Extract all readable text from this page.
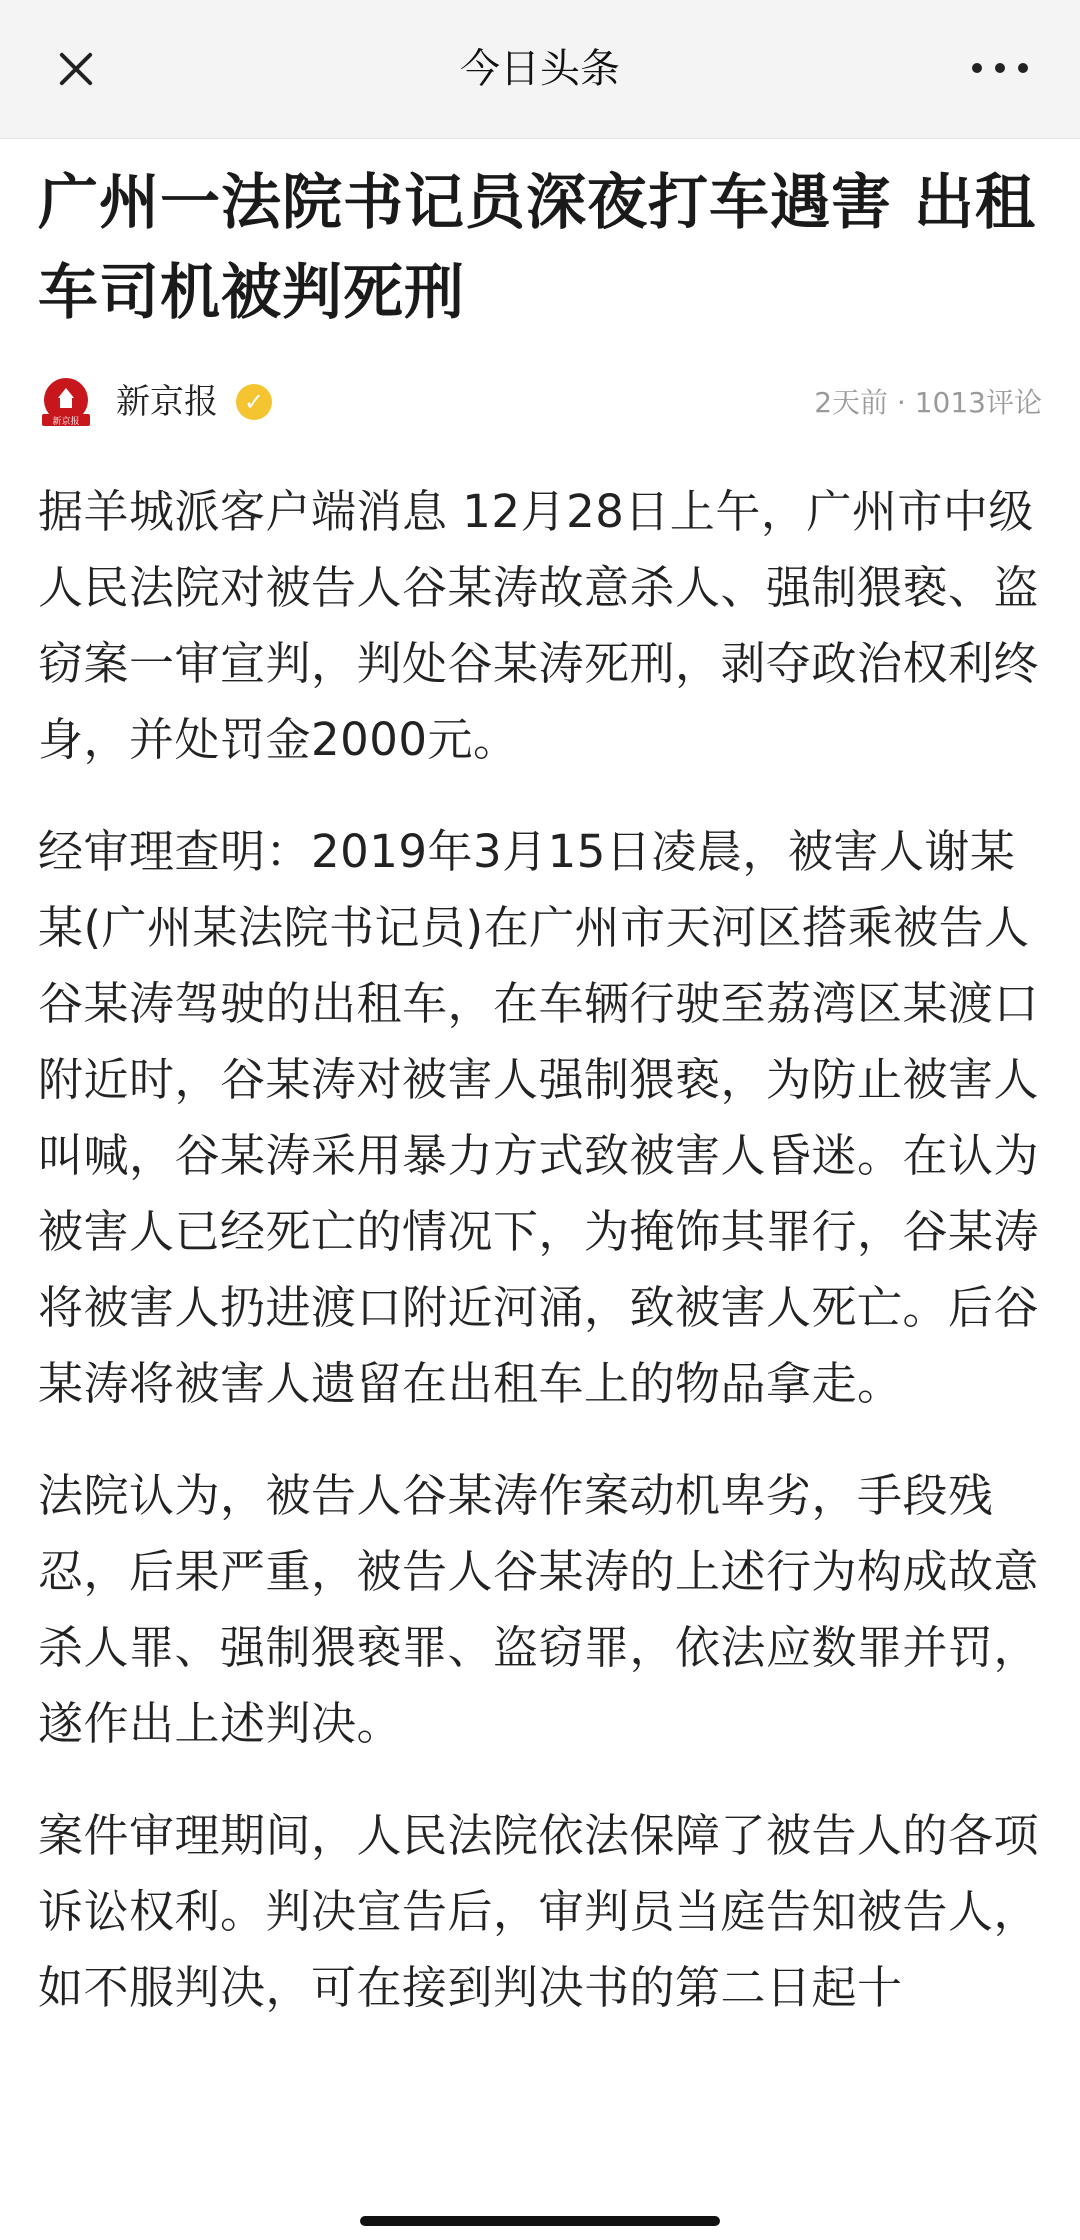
今日头条
广州一法院书记员深夜打车遇害 出租车司机被判死刑
新京报 新京报	✓	2天前 · 1013评论

据羊城派客户端消息 12月28日上午，广州市中级人民法院对被告人谷某涛故意杀人、强制猥亵、盗窃案一审宣判，判处谷某涛死刑，剥夺政治权利终身，并处罚金2000元。

经审理查明：2019年3月15日凌晨，被害人谢某某(广州某法院书记员)在广州市天河区搭乘被告人谷某涛驾驶的出租车，在车辆行驶至荔湾区某渡口附近时，谷某涛对被害人强制猥亵，为防止被害人叫喊，谷某涛采用暴力方式致被害人昏迷。在认为被害人已经死亡的情况下，为掩饰其罪行，谷某涛将被害人扔进渡口附近河涌，致被害人死亡。后谷某涛将被害人遗留在出租车上的物品拿走。

法院认为，被告人谷某涛作案动机卑劣，手段残忍，后果严重，被告人谷某涛的上述行为构成故意杀人罪、强制猥亵罪、盗窃罪，依法应数罪并罚，遂作出上述判决。

案件审理期间，人民法院依法保障了被告人的各项诉讼权利。判决宣告后，审判员当庭告知被告人，如不服判决，可在接到判决书的第二日起十
